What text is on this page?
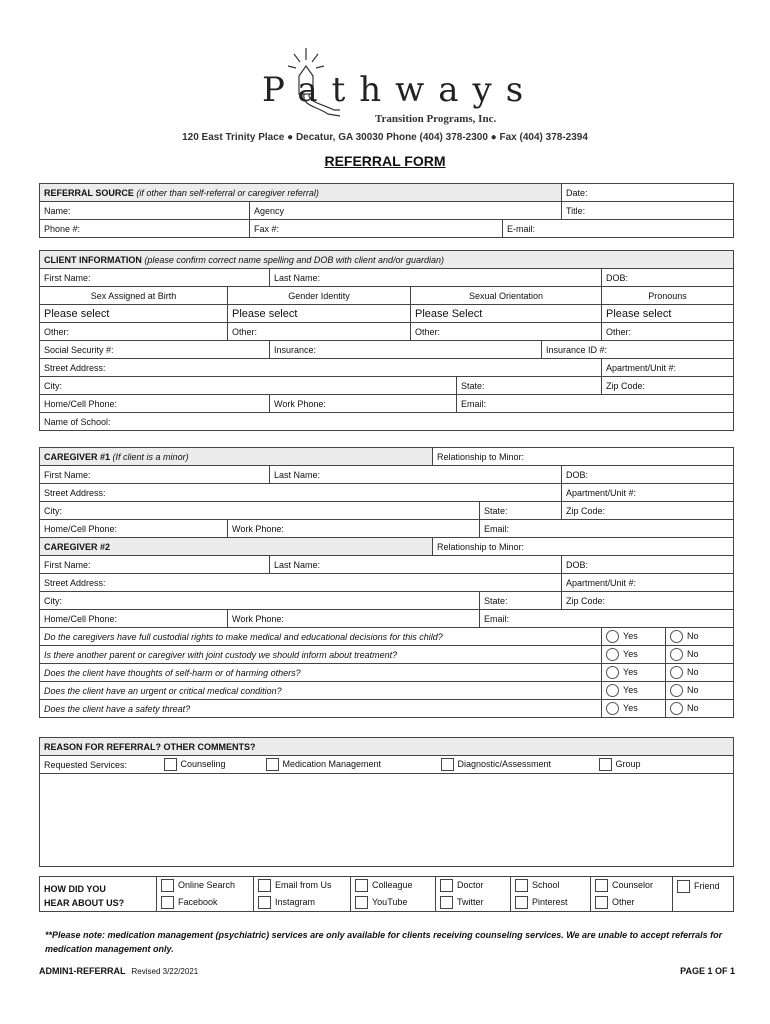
Pathways
Transition Programs, Inc.
120 East Trinity Place ● Decatur, GA 30030 Phone (404) 378-2300 ● Fax (404) 378-2394
REFERRAL FORM
REFERRAL SOURCE (if other than self-referral or caregiver referral)			Date:
Name:	Agency		Title:
Phone #:	Fax #:	E-mail:	
CLIENT INFORMATION (please confirm correct name spelling and DOB with client and/or guardian)						
First Name:		Last Name:				DOB:
Sex Assigned at Birth	Gender Identity		Sexual Orientation			Pronouns
Please select	Please select		Please Select			Please select
Other:	Other:		Other:			Other:
Social Security #:		Insurance:			Insurance ID #:	
Street Address:						Apartment/Unit #:
City:				State:		Zip Code:
Home/Cell Phone:		Work Phone:		Email:		
Name of School:						
CAREGIVER #1 (If client is a minor)			Relationship to Minor:				
First Name:		Last Name:			DOB:		
Street Address:					Apartment/Unit #:		
City:				State:	Zip Code:		
Home/Cell Phone:	Work Phone:			Email:			
CAREGIVER #2			Relationship to Minor:				
First Name:		Last Name:			DOB:		
Street Address:					Apartment/Unit #:		
City:				State:	Zip Code:		
Home/Cell Phone:	Work Phone:			Email:			
Do the caregivers have full custodial rights to make medical and educational decisions for this child?						Yes	No
Is there another parent or caregiver with joint custody we should inform about treatment?						Yes	No
Does the client have thoughts of self-harm or of harming others?						Yes	No
Does the client have an urgent or critical medical condition?						Yes	No
Does the client have a safety threat?						Yes	No
REASON FOR REFERRAL? OTHER COMMENTS?
Requested Services:	Counseling	Medication Management	Diagnostic/Assessment	Group

HOW DID YOU
HEAR ABOUT US?	Online Search	Email from Us	Colleague	Doctor	School	Counselor	Friend
	Facebook	Instagram	YouTube	Twitter	Pinterest	Other	
**Please note: medication management (psychiatric) services are only available for clients receiving counseling services. We are unable to accept referrals for medication management only.
ADMIN1-REFERRAL Revised 3/22/2021	PAGE 1 OF 1
